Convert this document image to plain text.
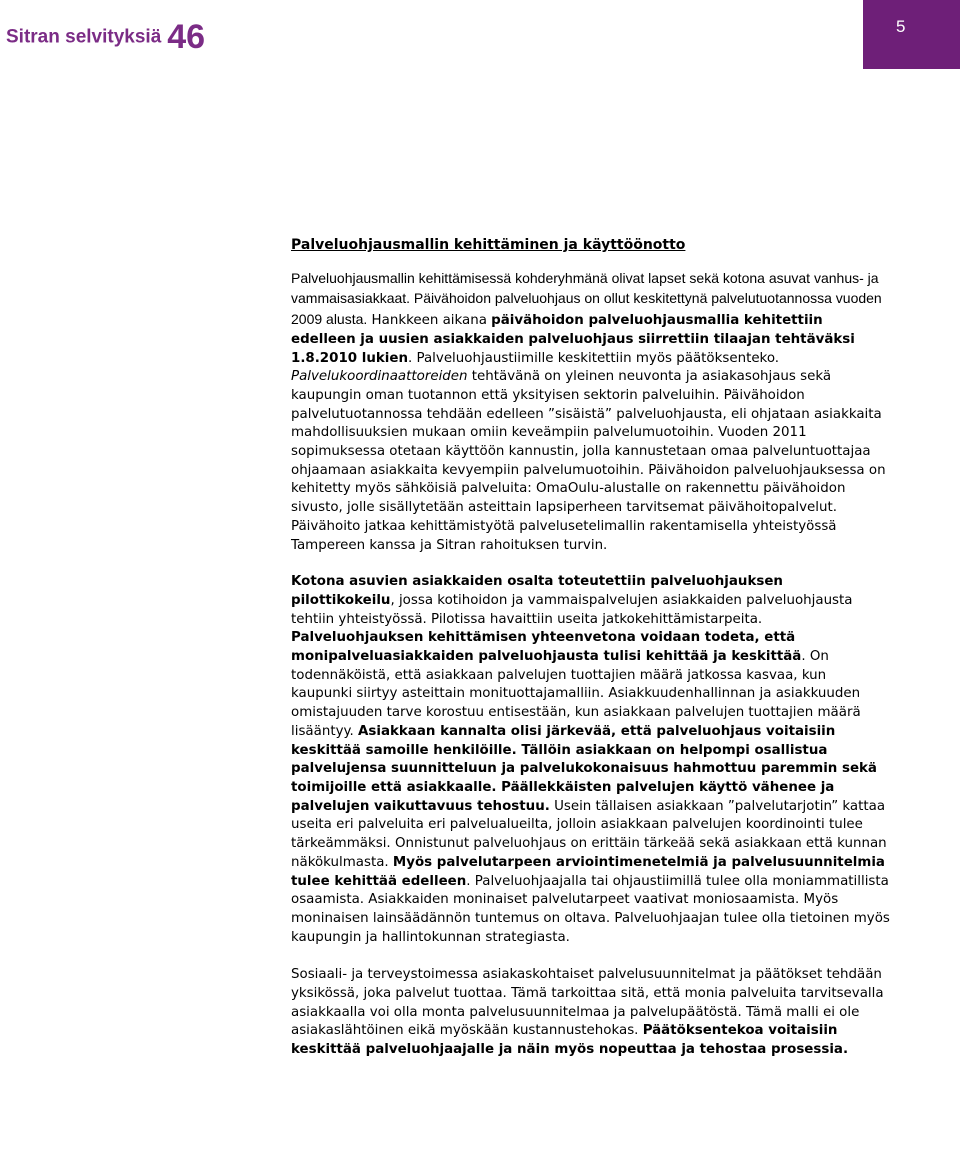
Sitran selvityksiä 46	5

Palveluohjausmallin kehittäminen ja käyttöönotto

Palveluohjausmallin kehittämisessä kohderyhmänä olivat lapset sekä kotona asuvat vanhus- ja vammaisasiakkaat. Päivähoidon palveluohjaus on ollut keskitettynä palvelutuotannossa vuoden 2009 alusta. Hankkeen aikana päivähoidon palveluohjausmallia kehitettiin edelleen ja uusien asiakkaiden palveluohjaus siirrettiin tilaajan tehtäväksi 1.8.2010 lukien. Palveluohjaustiimille keskitettiin myös päätöksenteko. Palvelukoordinaattoreiden tehtävänä on yleinen neuvonta ja asiakasohjaus sekä kaupungin oman tuotannon että yksityisen sektorin palveluihin. Päivähoidon palvelutuotannossa tehdään edelleen ”sisäistä” palveluohjausta, eli ohjataan asiakkaita mahdollisuuksien mukaan omiin keveämpiin palvelumuotoihin. Vuoden 2011 sopimuksessa otetaan käyttöön kannustin, jolla kannustetaan omaa palveluntuottajaa ohjaamaan asiakkaita kevyempiin palvelumuotoihin. Päivähoidon palveluohjauksessa on kehitetty myös sähköisiä palveluita: OmaOulu-alustalle on rakennettu päivähoidon sivusto, jolle sisällytetään asteittain lapsiperheen tarvitsemat päivähoitopalvelut. Päivähoito jatkaa kehittämistyötä palvelusetelimallin rakentamisella yhteistyössä Tampereen kanssa ja Sitran rahoituksen turvin.

Kotona asuvien asiakkaiden osalta toteutettiin palveluohjauksen pilottikokeilu, jossa kotihoidon ja vammaispalvelujen asiakkaiden palveluohjausta tehtiin yhteistyössä. Pilotissa havaittiin useita jatkokehittämistarpeita. Palveluohjauksen kehittämisen yhteenvetona voidaan todeta, että monipalveluasiakkaiden palveluohjausta tulisi kehittää ja keskittää. On todennäköistä, että asiakkaan palvelujen tuottajien määrä jatkossa kasvaa, kun kaupunki siirtyy asteittain monituottajamalliin. Asiakkuudenhallinnan ja asiakkuuden omistajuuden tarve korostuu entisestään, kun asiakkaan palvelujen tuottajien määrä lisääntyy. Asiakkaan kannalta olisi järkevää, että palveluohjaus voitaisiin keskittää samoille henkilöille. Tällöin asiakkaan on helpompi osallistua palvelujensa suunnitteluun ja palvelukokonaisuus hahmottuu paremmin sekä toimijoille että asiakkaalle. Päällekkäisten palvelujen käyttö vähenee ja palvelujen vaikuttavuus tehostuu. Usein tällaisen asiakkaan ”palvelutarjotin” kattaa useita eri palveluita eri palvelualueilta, jolloin asiakkaan palvelujen koordinointi tulee tärkeämmäksi. Onnistunut palveluohjaus on erittäin tärkeää sekä asiakkaan että kunnan näkökulmasta. Myös palvelutarpeen arviointimenetelmiä ja palvelusuunnitelmia tulee kehittää edelleen. Palveluohjaajalla tai ohjaustiimillä tulee olla moniammatillista osaamista. Asiakkaiden moninaiset palvelutarpeet vaativat moniosaamista. Myös moninaisen lainsäädännön tuntemus on oltava. Palveluohjaajan tulee olla tietoinen myös kaupungin ja hallintokunnan strategiasta.

Sosiaali- ja terveystoimessa asiakaskohtaiset palvelusuunnitelmat ja päätökset tehdään yksikössä, joka palvelut tuottaa. Tämä tarkoittaa sitä, että monia palveluita tarvitsevalla asiakkaalla voi olla monta palvelusuunnitelmaa ja palvelupäätöstä. Tämä malli ei ole asiakaslähtöinen eikä myöskään kustannustehokas. Päätöksentekoa voitaisiin keskittää palveluohjaajalle ja näin myös nopeuttaa ja tehostaa prosessia.
